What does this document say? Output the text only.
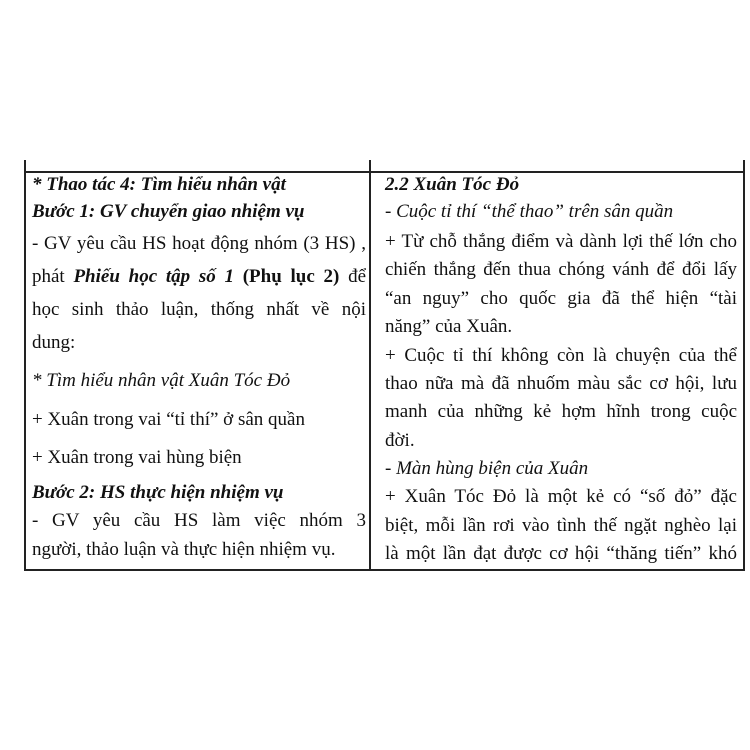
* Thao tác 4: Tìm hiểu nhân vật
Bước 1: GV chuyển giao nhiệm vụ
- GV yêu cầu HS hoạt động nhóm (3 HS) ,
phát Phiếu học tập số 1 (Phụ lục 2) để
học sinh thảo luận, thống nhất về nội
dung:
* Tìm hiểu nhân vật Xuân Tóc Đỏ
+ Xuân trong vai “tỉ thí” ở sân quần
+ Xuân trong vai hùng biện
Bước 2: HS thực hiện nhiệm vụ
- GV yêu cầu HS làm việc nhóm 3
người, thảo luận và thực hiện nhiệm vụ.
2.2 Xuân Tóc Đỏ
- Cuộc tỉ thí “thể thao” trên sân quần
+ Từ chỗ thắng điểm và dành lợi thế lớn cho
chiến thắng đến thua chóng vánh để đổi lấy
“an nguy” cho quốc gia đã thể hiện “tài
năng” của Xuân.
+ Cuộc tỉ thí không còn là chuyện của thể
thao nữa mà đã nhuốm màu sắc cơ hội, lưu
manh của những kẻ hợm hĩnh trong cuộc
đời.
- Màn hùng biện của Xuân
+ Xuân Tóc Đỏ là một kẻ có “số đỏ” đặc
biệt, mỗi lần rơi vào tình thế ngặt nghèo lại
là một lần đạt được cơ hội “thăng tiến” khó
